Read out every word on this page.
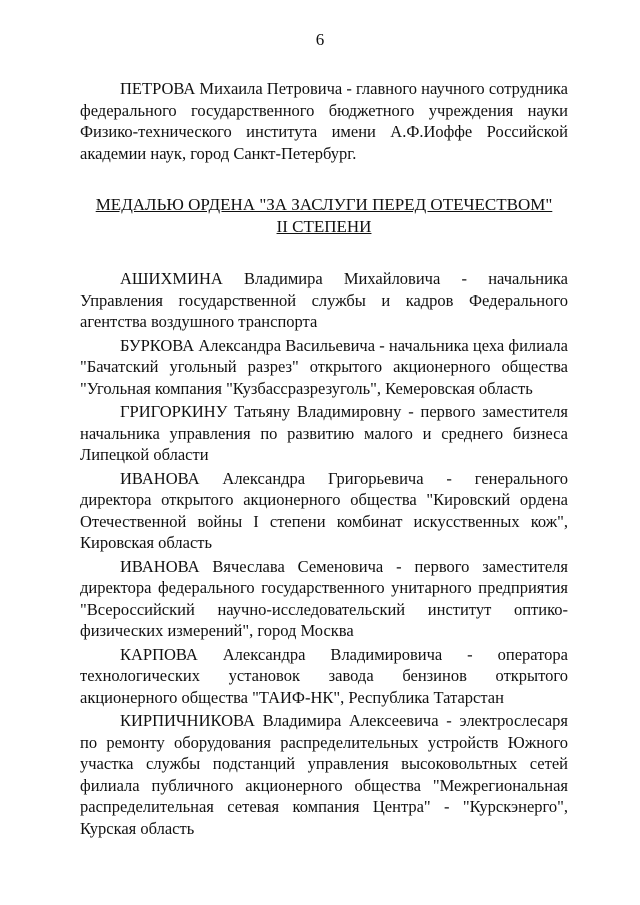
6

ПЕТРОВА Михаила Петровича - главного научного сотрудника федерального государственного бюджетного учреждения науки Физико-технического института имени А.Ф.Иоффе Российской академии наук, город Санкт-Петербург.

МЕДАЛЬЮ ОРДЕНА "ЗА ЗАСЛУГИ ПЕРЕД ОТЕЧЕСТВОМ"
II СТЕПЕНИ

АШИХМИНА Владимира Михайловича - начальника Управления государственной службы и кадров Федерального агентства воздушного транспорта

БУРКОВА Александра Васильевича - начальника цеха филиала "Бачатский угольный разрез" открытого акционерного общества "Угольная компания "Кузбассразрезуголь", Кемеровская область

ГРИГОРКИНУ Татьяну Владимировну - первого заместителя начальника управления по развитию малого и среднего бизнеса Липецкой области

ИВАНОВА Александра Григорьевича - генерального директора открытого акционерного общества "Кировский ордена Отечественной войны I степени комбинат искусственных кож", Кировская область

ИВАНОВА Вячеслава Семеновича - первого заместителя директора федерального государственного унитарного предприятия "Всероссийский научно-исследовательский институт оптико-физических измерений", город Москва

КАРПОВА Александра Владимировича - оператора технологических установок завода бензинов открытого акционерного общества "ТАИФ-НК", Республика Татарстан

КИРПИЧНИКОВА Владимира Алексеевича - электрослесаря по ремонту оборудования распределительных устройств Южного участка службы подстанций управления высоковольтных сетей филиала публичного акционерного общества "Межрегиональная распределительная сетевая компания Центра" - "Курскэнерго", Курская область
